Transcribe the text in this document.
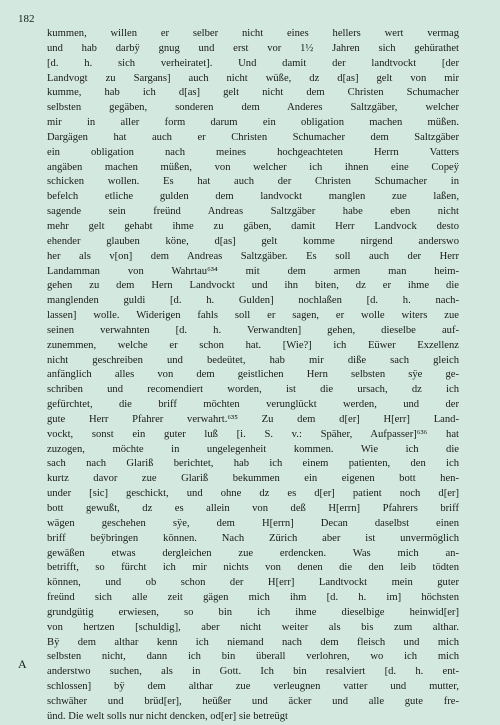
182
kummen, willen er selber nicht eines hellers wert vermag
und hab darbÿ gnug und erst vor 1½ Jahren sich gehürathet
[d. h. sich verheiratet]. Und damit der landtvockt [der
Landvogt zu Sargans] auch nicht wüße, dz d[as] gelt von mir
kumme, hab ich d[as] gelt nicht dem Christen Schumacher
selbsten gegäben, sonderen dem Anderes Saltzgäber, welcher
mir in aller form darum ein obligation machen müßen.
Dargägen hat auch er Christen Schumacher dem Saltzgäber
ein obligation nach meines hochgeachteten Herrn Vatters
angäben machen müßen, von welcher ich ihnen eine Copeÿ
schicken wollen. Es hat auch der Christen Schumacher in
befelch etliche gulden dem landvockt manglen zue laßen,
sagende sein freünd Andreas Saltzgäber habe eben nicht
mehr gelt gehabt ihme zu gäben, damit Herr Landvock desto
ehender glauben köne, d[as] gelt komme nirgend anderswo
her als v[on] dem Andreas Saltzgäber. Es soll auch der Herr
Landamman von Wahrtau⁶³⁴ mit dem armen man heim-
gehen zu dem Hern Landvockt und ihn biten, dz er ihme die
manglenden guldi [d. h. Gulden] nochlaßen [d. h. nach-
lassen] wolle. Widerigen fahls soll er sagen, er wolle witers zue
seinen verwahnten [d. h. Verwandten] gehen, dieselbe auf-
zunemmen, welche er schon hat. [Wie?] ich Eüwer Exzellenz
nicht geschreiben und bedeütet, hab mir diße sach gleich
anfänglich alles von dem geistlichen Hern selbsten sÿe ge-
schriben und recomendiert worden, ist die ursach, dz ich
gefürchtet, die briff möchten verunglückt werden, und der
gute Herr Pfahrer verwahrt.⁶³⁵ Zu dem d[er] H[err] Land-
vockt, sonst ein guter luß [i. S. v.: Späher, Aufpasser]⁶³⁶ hat
zuzogen, möchte in ungelegenheit kommen. Wie ich die
sach nach Glariß berichtet, hab ich einem patienten, den ich
kurtz davor zue Glariß bekummen ein eigenen bott hen-
under [sic] geschickt, und ohne dz es d[er] patient noch d[er]
bott gewußt, dz es allein von deß H[errn] Pfahrers briff
wägen geschehen sÿe, dem H[errn] Decan daselbst einen
briff beÿbringen können. Nach Zürich aber ist unvermöglich
gewäßen etwas dergleichen zue erdencken. Was mich an-
betrifft, so fürcht ich mir nichts von denen die den leib tödten
können, und ob schon der H[err] Landtvockt mein guter
freünd sich alle zeit gägen mich ihm [d. h. im] höchsten
grundgütig erwiesen, so bin ich ihme dieselbige heinwid[er]
von hertzen [schuldig], aber nicht weiter als bis zum althar.
Bÿ dem althar kenn ich niemand nach dem fleisch und mich
selbsten nicht, dann ich bin überall verlohren, wo ich mich
anderstwo suchen, als in Gott. Ich bin resalviert [d. h. ent-
schlossen] bÿ dem althar zue verleugnen vatter und mutter,
schwäher und brüd[er], heüßer und äcker und alle gute fre-
ünd. Die welt solls nur nicht dencken, od[er] sie betreügt
A
